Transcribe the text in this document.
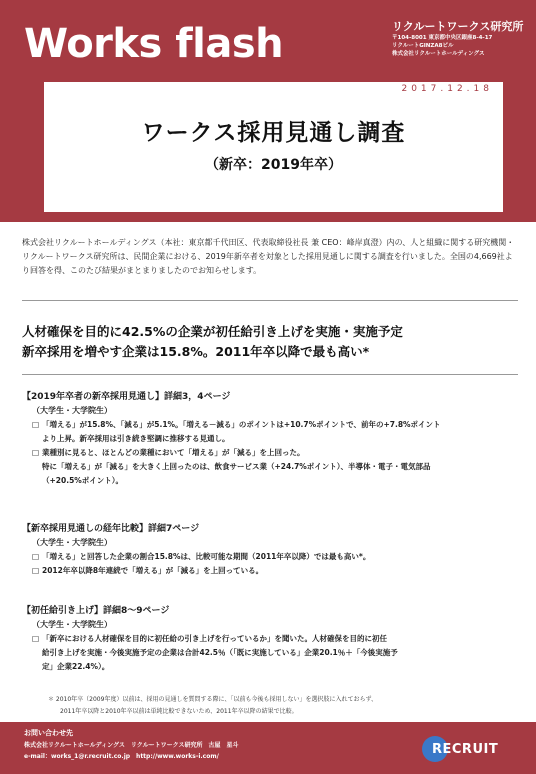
Works flash	リクルートワークス研究所
〒104-8001 東京都中央区銀座8-4-17
リクルートGINZA8ビル
株式会社リクルートホールディングス
2017.12.18
ワークス採用見通し調査
（新卒：2019年卒）
株式会社リクルートホールディングス（本社：東京都千代田区、代表取締役社長 兼 CEO：峰岸真澄）内の、人と組織に関する研究機関・リクルートワークス研究所は、民間企業における、2019年新卒者を対象とした採用見通しに関する調査を行いました。全国の4,669社より回答を得、このたび結果がまとまりましたのでお知らせします。
人材確保を目的に42.5%の企業が初任給引き上げを実施・実施予定
新卒採用を増やす企業は15.8%。2011年卒以降で最も高い*
【2019年卒者の新卒採用見通し】詳細3，4ページ
（大学生・大学院生）
□ 「増える」が15.8%、「減る」が5.1%。「増える－減る」のポイントは+10.7%ポイントで、前年の+7.8%ポイント
より上昇。新卒採用は引き続き堅調に推移する見通し。
□ 業種別に見ると、ほとんどの業種において「増える」が「減る」を上回った。
特に「増える」が「減る」を大きく上回ったのは、飲食サービス業（+24.7%ポイント）、半導体・電子・電気部品
（+20.5%ポイント）。
【新卒採用見通しの経年比較】詳細7ページ
（大学生・大学院生）
□ 「増える」と回答した企業の割合15.8%は、比較可能な期間（2011年卒以降）では最も高い*。
□ 2012年卒以降8年連続で「増える」が「減る」を上回っている。
【初任給引き上げ】詳細8～9ページ
（大学生・大学院生）
□ 「新卒における人材確保を目的に初任給の引き上げを行っているか」を聞いた。人材確保を目的に初任
給引き上げを実施・今後実施予定の企業は合計42.5％（「既に実施している」企業20.1％＋「今後実施予
定」企業22.4%）。
＊ 2010年卒（2009年度）以前は、採用の見通しを質問する際に、「以前も今後も採用しない」を選択肢に入れておらず、
2011年卒以降と2010年卒以前は単純比較できないため、2011年卒以降の結果で比較。
お問い合わせ先
株式会社リクルートホールディングス　リクルートワークス研究所　古屋　星斗
e-mail：works_1@r.recruit.co.jp　http://www.works-i.com/	RECRUIT
